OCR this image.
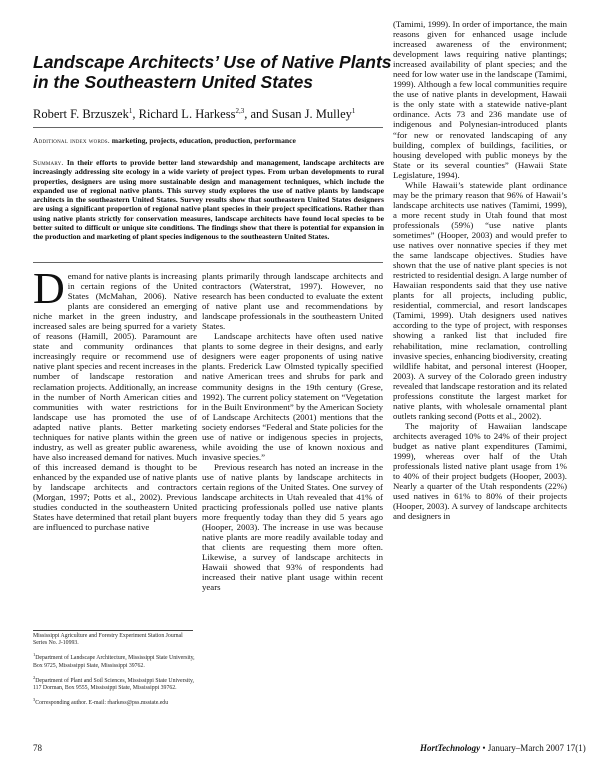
Landscape Architects’ Use of Native Plants in the Southeastern United States
Robert F. Brzuszek$^1$, Richard L. Harkess$^{2,3}$, and Susan J. Mulley$^1$
Additional index words. marketing, projects, education, production, performance
Summary. In their efforts to provide better land stewardship and management, landscape architects are increasingly addressing site ecology in a wide variety of project types. From urban developments to rural properties, designers are using more sustainable design and management techniques, which include the expanded use of regional native plants. This survey study explores the use of native plants by landscape architects in the southeastern United States. Survey results show that southeastern United States designers are using a significant proportion of regional native plant species in their project specifications. Rather than using native plants strictly for conservation measures, landscape architects have found local species to be better suited to difficult or unique site conditions. The findings show that there is potential for expansion in the production and marketing of plant species indigenous to the southeastern United States.

Demand for native plants is increasing in certain regions of the United States (McMahan, 2006). Native plants are considered an emerging niche market in the green industry, and increased sales are being spurred for a variety of reasons (Hamill, 2005). Paramount are state and community ordinances that increasingly require or recommend use of native plant species and recent increases in the number of landscape restoration and reclamation projects. Additionally, an increase in the number of North American cities and communities with water restrictions for landscape use has promoted the use of adapted native plants. Better marketing techniques for native plants within the green industry, as well as greater public awareness, have also increased demand for natives. Much of this increased demand is thought to be enhanced by the expanded use of native plants by landscape architects and contractors (Morgan, 1997; Potts et al., 2002). Previous studies conducted in the southeastern United States have determined that retail plant buyers are influenced to purchase native

plants primarily through landscape architects and contractors (Waterstrat, 1997). However, no research has been conducted to evaluate the extent of native plant use and recommendations by landscape professionals in the southeastern United States.

Landscape architects have often used native plants to some degree in their designs, and early designers were eager proponents of using native plants. Frederick Law Olmsted typically specified native American trees and shrubs for park and community designs in the 19th century (Grese, 1992). The current policy statement on “Vegetation in the Built Environment” by the American Society of Landscape Architects (2001) mentions that the society endorses “Federal and State policies for the use of native or indigenous species in projects, while avoiding the use of known noxious and invasive species.”

Previous research has noted an increase in the use of native plants by landscape architects in certain regions of the United States. One survey of landscape architects in Utah revealed that 41% of practicing professionals polled use native plants more frequently today than they did 5 years ago (Hooper, 2003). The increase in use was because native plants are more readily available today and that clients are requesting them more often. Likewise, a survey of landscape architects in Hawaii showed that 93% of respondents had increased their native plant usage within recent years

(Tamimi, 1999). In order of importance, the main reasons given for enhanced usage include increased awareness of the environment; development laws requiring native plantings; increased availability of plant species; and the need for low water use in the landscape (Tamimi, 1999). Although a few local communities require the use of native plants in development, Hawaii is the only state with a statewide native-plant ordinance. Acts 73 and 236 mandate use of indigenous and Polynesian-introduced plants “for new or renovated landscaping of any building, complex of buildings, facilities, or housing developed with public moneys by the State or its several counties” (Hawaii State Legislature, 1994).

While Hawaii’s statewide plant ordinance may be the primary reason that 96% of Hawaii’s landscape architects use natives (Tamimi, 1999), a more recent study in Utah found that most professionals (59%) “use native plants sometimes” (Hooper, 2003) and would prefer to use natives over nonnative species if they met the same landscape objectives. Studies have shown that the use of native plant species is not restricted to residential design. A large number of Hawaiian respondents said that they use native plants for all projects, including public, residential, commercial, and resort landscapes (Tamimi, 1999). Utah designers used natives according to the type of project, with responses showing a ranked list that included fire rehabilitation, mine reclamation, controlling invasive species, enhancing biodiversity, creating wildlife habitat, and personal interest (Hooper, 2003). A survey of the Colorado green industry revealed that landscape restoration and its related professions constitute the largest market for native plants, with wholesale ornamental plant outlets ranking second (Potts et al., 2002).

The majority of Hawaiian landscape architects averaged 10% to 24% of their project budget as native plant expenditures (Tamimi, 1999), whereas over half of the Utah professionals listed native plant usage from 1% to 40% of their project budgets (Hooper, 2003). Nearly a quarter of the Utah respondents (22%) used natives in 61% to 80% of their projects (Hooper, 2003). A survey of landscape architects and designers in

Mississippi Agriculture and Forestry Experiment Station Journal Series No. J-10993.
$^1$Department of Landscape Architecture, Mississippi State University, Box 9725, Mississippi State, Mississippi 39762.
$^2$Department of Plant and Soil Sciences, Mississippi State University, 117 Dorman, Box 9555, Mississippi State, Mississippi 39762.
$^3$Corresponding author. E-mail: rharkess@pss.msstate.edu
78	HortTechnology • January–March 2007 17(1)
